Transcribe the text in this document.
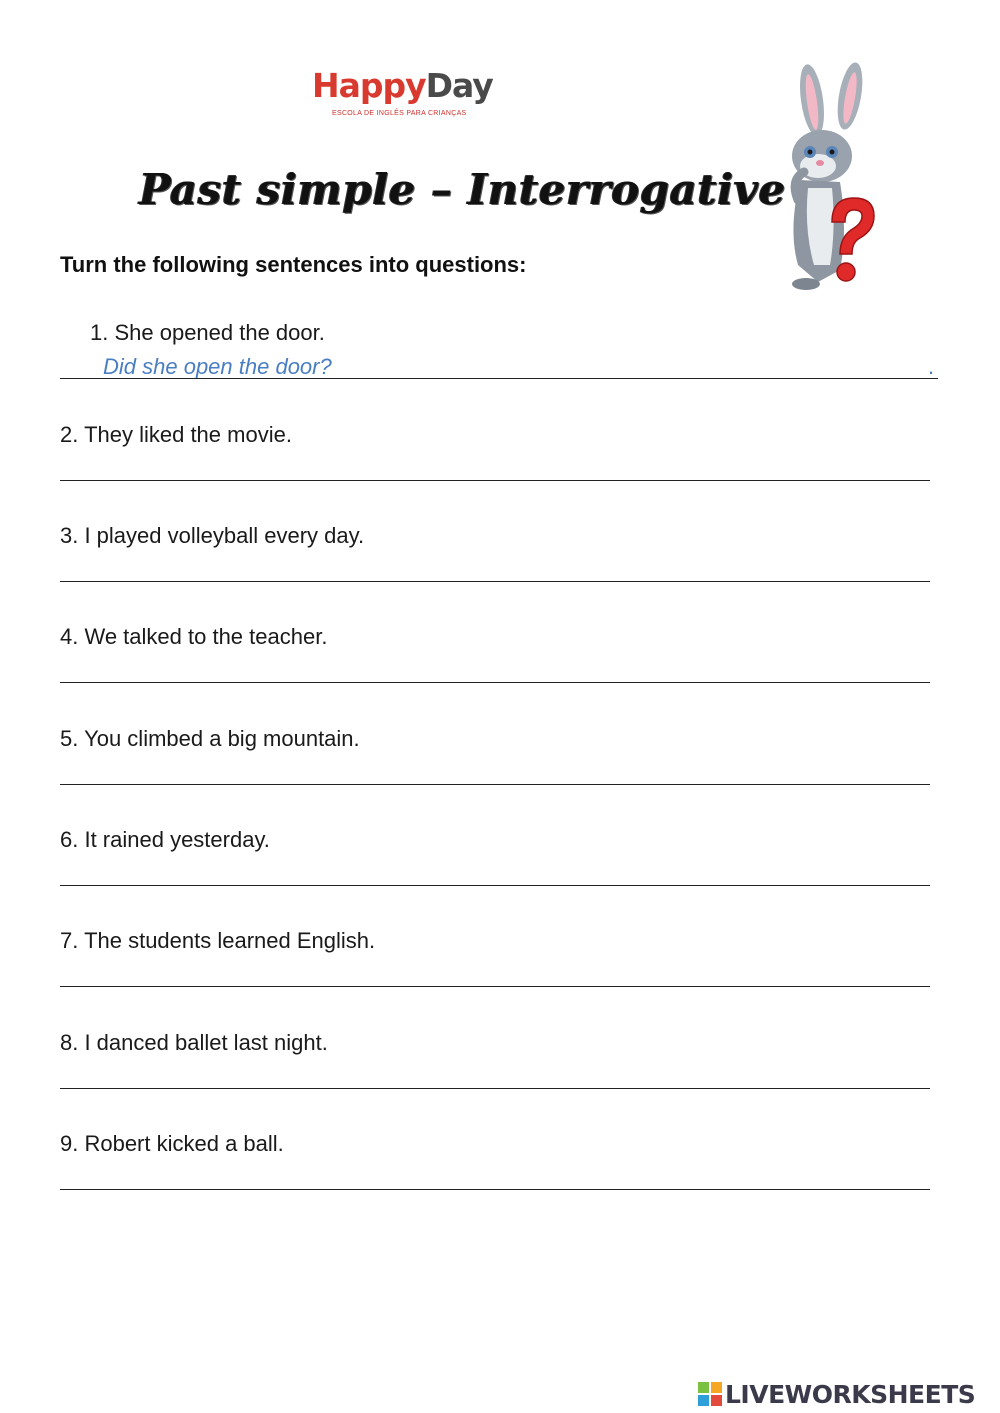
HappyDay
ESCOLA DE INGLÊS PARA CRIANÇAS
Past simple – Interrogative
Turn the following sentences into questions:
1. She opened the door.
Did she open the door?	.
2. They liked the movie.
3. I played volleyball every day.
4. We talked to the teacher.
5. You climbed a big mountain.
6. It rained yesterday.
7. The students learned English.
8. I danced ballet last night.
9. Robert kicked a ball.
LIVEWORKSHEETS
